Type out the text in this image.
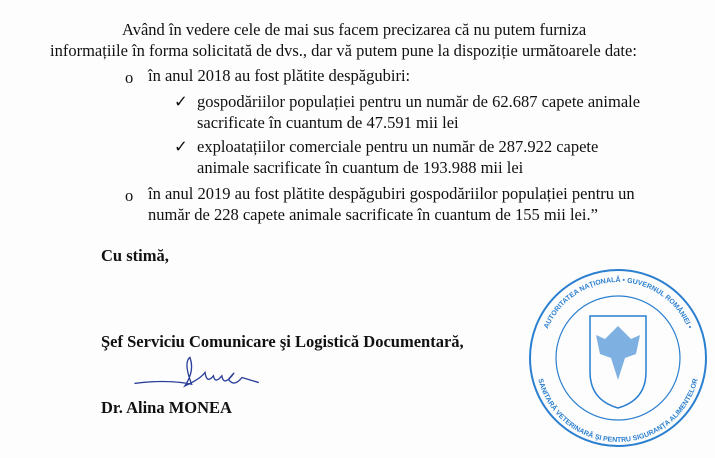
Având în vedere cele de mai sus facem precizarea că nu putem furniza
informațiile în forma solicitată de dvs., dar vă putem pune la dispoziție următoarele date:
o în anul 2018 au fost plătite despăgubiri:
✓ gospodăriilor populației pentru un număr de 62.687 capete animale
sacrificate în cuantum de 47.591 mii lei
✓ exploatațiilor comerciale pentru un număr de 287.922 capete
animale sacrificate în cuantum de 193.988 mii lei
o în anul 2019 au fost plătite despăgubiri gospodăriilor populației pentru un
număr de 228 capete animale sacrificate în cuantum de 155 mii lei.”
Cu stimă,
AUTORITATEA NAȚIONALĂ • GUVERNUL ROMÂNIEI •
SANITARĂ VETERINARĂ ŞI PENTRU SIGURANȚA ALIMENTELOR
Şef Serviciu Comunicare şi Logistică Documentară,
Dr. Alina MONEA
